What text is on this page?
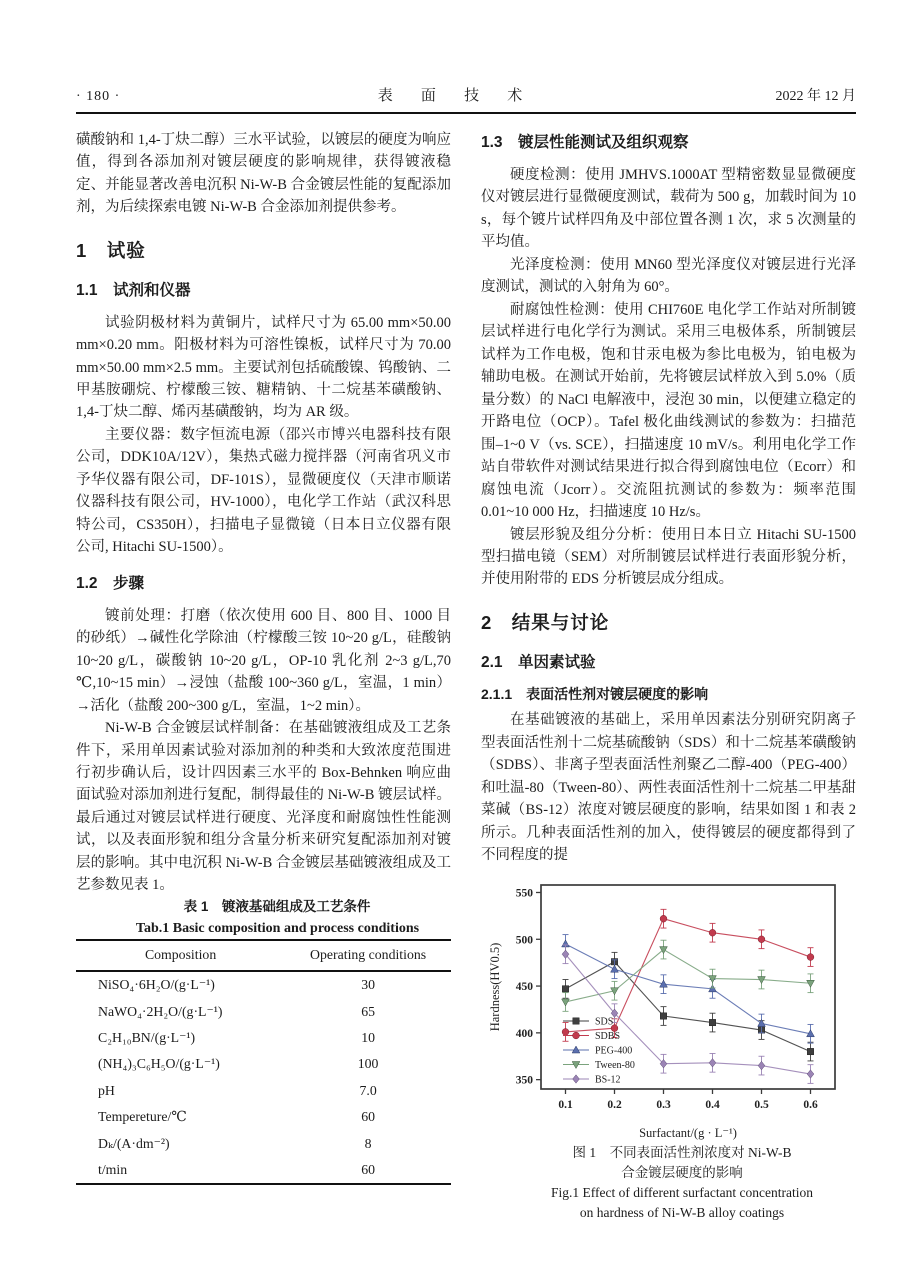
· 180 ·	表 面 技 术	2022 年 12 月

磺酸钠和 1,4-丁炔二醇）三水平试验，以镀层的硬度为响应值，得到各添加剂对镀层硬度的影响规律，获得镀液稳定、并能显著改善电沉积 Ni-W-B 合金镀层性能的复配添加剂，为后续探索电镀 Ni-W-B 合金添加剂提供参考。

1　试验
1.1　试剂和仪器

试验阴极材料为黄铜片，试样尺寸为 65.00 mm×50.00 mm×0.20 mm。阳极材料为可溶性镍板，试样尺寸为 70.00 mm×50.00 mm×2.5 mm。主要试剂包括硫酸镍、钨酸钠、二甲基胺硼烷、柠檬酸三铵、糖精钠、十二烷基苯磺酸钠、1,4-丁炔二醇、烯丙基磺酸钠，均为 AR 级。

主要仪器：数字恒流电源（邵兴市博兴电器科技有限公司，DDK10A/12V），集热式磁力搅拌器（河南省巩义市予华仪器有限公司，DF-101S），显微硬度仪（天津市顺诺仪器科技有限公司，HV-1000），电化学工作站（武汉科思特公司，CS350H），扫描电子显微镜（日本日立仪器有限公司, Hitachi SU-1500）。

1.2　步骤

镀前处理：打磨（依次使用 600 目、800 目、1000 目的砂纸）→碱性化学除油（柠檬酸三铵 10~20 g/L，硅酸钠 10~20 g/L，碳酸钠 10~20 g/L，OP-10 乳化剂 2~3 g/L,70 ℃,10~15 min）→浸蚀（盐酸 100~360 g/L，室温，1 min）→活化（盐酸 200~300 g/L，室温，1~2 min）。

Ni-W-B 合金镀层试样制备：在基础镀液组成及工艺条件下，采用单因素试验对添加剂的种类和大致浓度范围进行初步确认后，设计四因素三水平的 Box-Behnken 响应曲面试验对添加剂进行复配，制得最佳的 Ni-W-B 镀层试样。最后通过对镀层试样进行硬度、光泽度和耐腐蚀性性能测试，以及表面形貌和组分含量分析来研究复配添加剂对镀层的影响。其中电沉积 Ni-W-B 合金镀层基础镀液组成及工艺参数见表 1。

表 1　镀液基础组成及工艺条件

Tab.1 Basic composition and process conditions

Composition	Operating conditions
NiSO₄·6H₂O/(g·L⁻¹)	30
NaWO₄·2H₂O/(g·L⁻¹)	65
C₂H₁₀BN/(g·L⁻¹)	10
(NH₄)₃C₆H₅O/(g·L⁻¹)	100
pH	7.0
Tempereture/℃	60
Dₖ/(A·dm⁻²)	8
t/min	60
1.3　镀层性能测试及组织观察

硬度检测：使用 JMHVS.1000AT 型精密数显显微硬度仪对镀层进行显微硬度测试，载荷为 500 g，加载时间为 10 s，每个镀片试样四角及中部位置各测 1 次，求 5 次测量的平均值。

光泽度检测：使用 MN60 型光泽度仪对镀层进行光泽度测试，测试的入射角为 60°。

耐腐蚀性检测：使用 CHI760E 电化学工作站对所制镀层试样进行电化学行为测试。采用三电极体系，所制镀层试样为工作电极，饱和甘汞电极为参比电极为，铂电极为辅助电极。在测试开始前，先将镀层试样放入到 5.0%（质量分数）的 NaCl 电解液中，浸泡 30 min，以便建立稳定的开路电位（OCP）。Tafel 极化曲线测试的参数为：扫描范围–1~0 V（vs. SCE），扫描速度 10 mV/s。利用电化学工作站自带软件对测试结果进行拟合得到腐蚀电位（Ecorr）和腐蚀电流（Jcorr）。交流阻抗测试的参数为：频率范围 0.01~10 000 Hz，扫描速度 10 Hz/s。

镀层形貌及组分分析：使用日本日立 Hitachi SU-1500 型扫描电镜（SEM）对所制镀层试样进行表面形貌分析，并使用附带的 EDS 分析镀层成分组成。

2　结果与讨论
2.1　单因素试验
2.1.1　表面活性剂对镀层硬度的影响

在基础镀液的基础上，采用单因素法分别研究阴离子型表面活性剂十二烷基硫酸钠（SDS）和十二烷基苯磺酸钠（SDBS）、非离子型表面活性剂聚乙二醇-400（PEG-400）和吐温-80（Tween-80）、两性表面活性剂十二烷基二甲基甜菜碱（BS-12）浓度对镀层硬度的影响，结果如图 1 和表 2 所示。几种表面活性剂的加入，使得镀层的硬度都得到了不同程度的提

350
400
450
500
550
0.1	0.2	0.3	0.4	0.5	0.6
Hardness(HV0.5)
Surfactant/(g · L⁻¹)
SDS
SDBS
PEG-400
Tween-80
BS-12

图 1　不同表面活性剂浓度对 Ni-W-B

合金镀层硬度的影响

Fig.1 Effect of different surfactant concentration

on hardness of Ni-W-B alloy coatings
